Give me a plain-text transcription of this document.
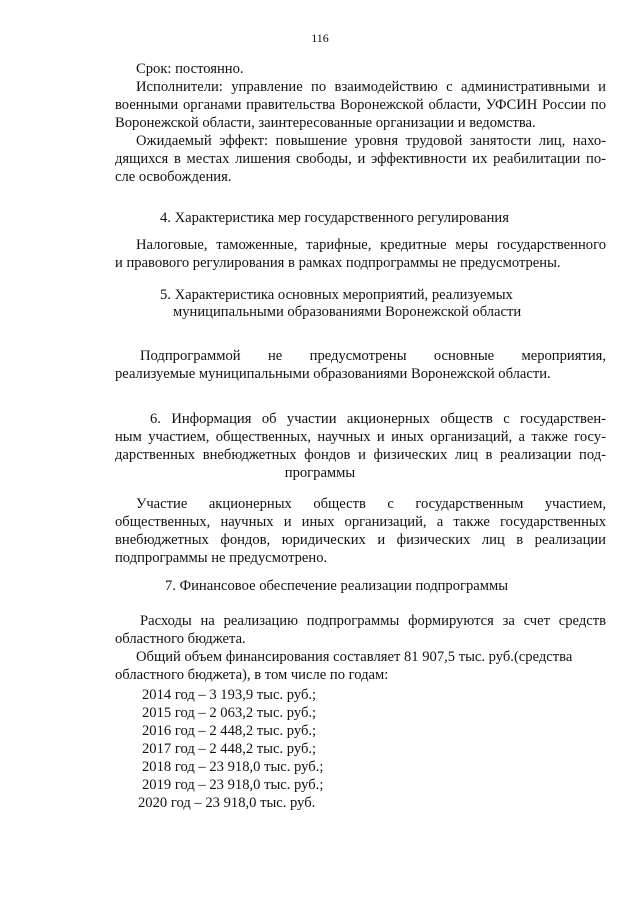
116
Срок: постоянно.
Исполнители: управление по взаимодействию с административными и
военными органами правительства Воронежской области, УФСИН России по
Воронежской области, заинтересованные организации и ведомства.
Ожидаемый эффект: повышение уровня трудовой занятости лиц, нахо-
дящихся в местах лишения свободы, и эффективности их реабилитации по-
сле освобождения.
4. Характеристика мер государственного регулирования
Налоговые, таможенные, тарифные, кредитные меры государственного
и правового регулирования в рамках подпрограммы не предусмотрены.
5. Характеристика основных мероприятий, реализуемых
муниципальными образованиями Воронежской области
Подпрограммой не предусмотрены основные мероприятия,
реализуемые муниципальными образованиями Воронежской области.
6. Информация об участии акционерных обществ с государствен-
ным участием, общественных, научных и иных организаций, а также госу-
дарственных внебюджетных фондов и физических лиц в реализации под-
программы
Участие акционерных обществ с государственным участием,
общественных, научных и иных организаций, а также государственных
внебюджетных фондов, юридических и физических лиц в реализации
подпрограммы не предусмотрено.
7. Финансовое обеспечение реализации подпрограммы
Расходы на реализацию подпрограммы формируются за счет средств
областного бюджета.
Общий объем финансирования составляет 81 907,5 тыс. руб.(средства
областного бюджета), в том числе по годам:
2014 год – 3 193,9 тыс. руб.;
2015 год – 2 063,2 тыс. руб.;
2016 год – 2 448,2 тыс. руб.;
2017 год – 2 448,2 тыс. руб.;
2018 год – 23 918,0 тыс. руб.;
2019 год – 23 918,0 тыс. руб.;
2020 год – 23 918,0 тыс. руб.
